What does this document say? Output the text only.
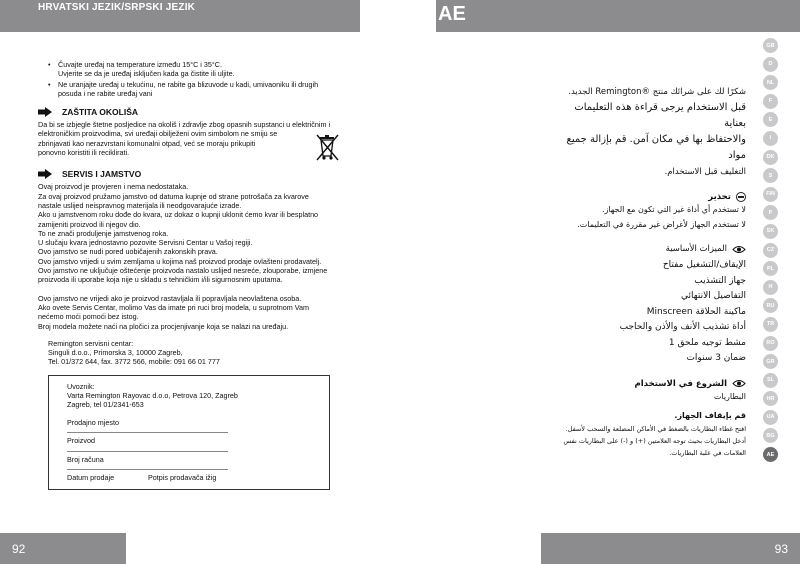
HRVATSKI JEZIK/SRPSKI JEZIK
• Čuvajte uređaj na temperature između 15°C i 35°C.
Uvjerite se da je uređaj isključen kada ga čistite ili uljite.
• Ne uranjajte uređaj u tekućinu, ne rabite ga blizuvode u kadi, umivaoniku ili drugih
posuda i ne rabite uređaj vani
ZAŠTITA OKOLIŠA

Da bi se izbjegle štetne posljedice na okoliš i zdravlje zbog opasnih supstanci u električnim i

elektroničkim proizvodima, svi uređaji obilježeni ovim simbolom ne smiju se

zbrinjavati kao nerazvrstani komunalni otpad, već se moraju prikupiti

ponovno koristiti ili reciklirati.

SERVIS I JAMSTVO

Ovaj proizvod je provjeren i nema nedostataka.

Za ovaj proizvod pružamo jamstvo od datuma kupnje od strane potrošača za kvarove

nastale uslijed neispravnog materijala ili neodgovarajuće izrade.

Ako u jamstvenom roku dođe do kvara, uz dokaz o kupnji uklonit ćemo kvar ili besplatno

zamijeniti proizvod ili njegov dio.

To ne znači produljenje jamstvenog roka.

U slučaju kvara jednostavno pozovite Servisni Centar u Vašoj regiji.

Ovo jamstvo se nudi pored uobičajenih zakonskih prava.

Ovo jamstvo vrijedi u svim zemljama u kojima naš proizvod prodaje ovlašteni prodavatelj.

Ovo jamstvo ne uključuje oštećenje proizvoda nastalo uslijed nesreće, zlouporabe, izmjene

proizvoda ili uporabe koja nije u skladu s tehničkim i/ili sigurnosnim uputama.

Ovo jamstvo ne vrijedi ako je proizvod rastavljala ili popravljala neovlaštena osoba.

Ako ovete Servis Centar, molimo Vas da imate pri ruci broj modela, u suprotnom Vam

nećemo moći pomoći bez istog.

Broj modela možete naći na pločici za procjenjivanje koja se nalazi na uređaju.

Remington servisni centar:

Singuli d.o.o., Primorska 3, 10000 Zagreb,

Tel. 01/372 644, fax. 3772 566, mobile: 091 66 01 777

Uvoznik:

Varta Remington Rayovac d.o.o, Petrova 120, Zagreb

Zagreb, tel 01/2341-653

Prodajno mjesto

————————————————————————

Proizvod

————————————————————————

Broj računa

————————————————————————

Datum prodaje	Potpis prodavača ižig
92
AE

شكرًا لك على شرائك منتج ®Remington الجديد.

قبل الاستخدام يرجى قراءة هذه التعليمات بعناية

والاحتفاظ بها في مكان آمن. قم بإزالة جميع مواد

التغليف قبل الاستخدام.

تحذير

لا تستخدم أي أداة غير التي تكون مع الجهاز.

لا تستخدم الجهاز لأغراض غير مقررة في التعليمات.

الميزات الأساسية

الإيقاف/التشغيل مفتاح

جهاز التشذيب

التفاصيل الانتهائي

ماكينة الحلاقة Minscreen

أداة تشذيب الأنف والأذن والحاجب

مشط توجيه ملحق 1

ضمان 3 سنوات

الشروع في الاستخدام

البطاريات

قم بإيقاف الجهاز.

افتح غطاء البطاريات بالضغط في الأماكن المضلعة والسحب لأسفل.

أدخل البطاريات بحيث توجه العلامتين (+) و (-) على البطاريات نفس

العلامات في علبة البطاريات.

GB
D
NL
F
E
I
DK
S
FIN
P
SK
CZ
PL
H
RU
TR
RO
GR
SL
HR
UA
BG
AE
93
